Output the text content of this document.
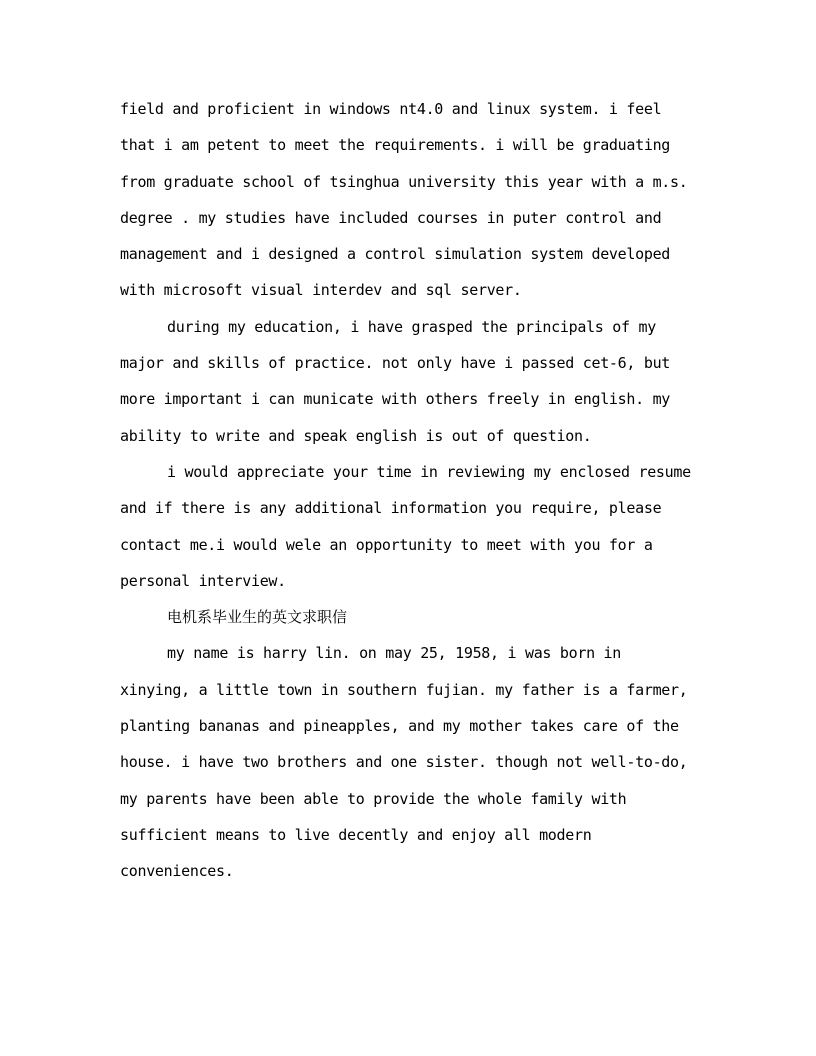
field and proficient in windows nt4.0 and linux system. i feel that i am petent to meet the requirements. i will be graduating from graduate school of tsinghua university this year with a m.s. degree . my studies have included courses in puter control and management and i designed a control simulation system developed with microsoft visual interdev and sql server.

during my education, i have grasped the principals of my major and skills of practice. not only have i passed cet-6, but more important i can municate with others freely in english. my ability to write and speak english is out of question.

i would appreciate your time in reviewing my enclosed resume and if there is any additional information you require, please contact me.i would wele an opportunity to meet with you for a personal interview.

电机系毕业生的英文求职信

my name is harry lin. on may 25, 1958, i was born in xinying, a little town in southern fujian. my father is a farmer, planting bananas and pineapples, and my mother takes care of the house. i have two brothers and one sister. though not well-to-do, my parents have been able to provide the whole family with sufficient means to live decently and enjoy all modern conveniences.
